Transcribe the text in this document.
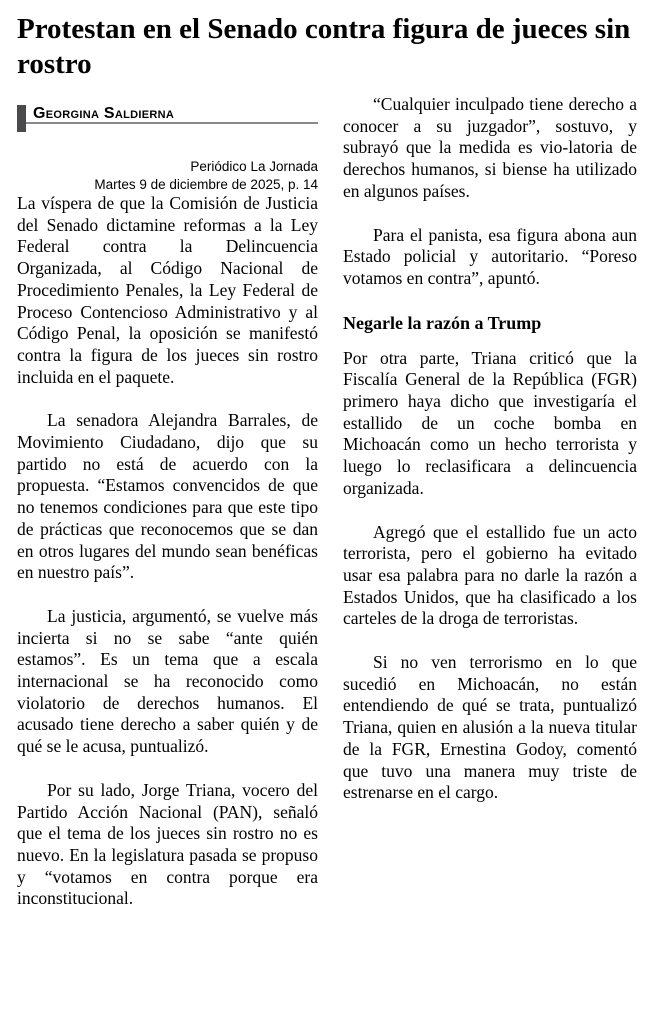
Protestan en el Senado contra figura de jueces sin rostro
Georgina Saldierna
Periódico La Jornada
Martes 9 de diciembre de 2025, p. 14

La víspera de que la Comisión de Justicia del Senado dictamine reformas a la Ley Federal contra la Delincuencia Organizada, al Código Nacional de Procedimiento Penales, la Ley Federal de Proceso Contencioso Administrativo y al Código Penal, la oposición se manifestó contra la figura de los jueces sin rostro incluida en el paquete.

La senadora Alejandra Barrales, de Movimiento Ciudadano, dijo que su partido no está de acuerdo con la propuesta. “Estamos convencidos de que no tenemos condiciones para que este tipo de prácticas que reconocemos que se dan en otros lugares del mundo sean benéficas en nuestro país”.

La justicia, argumentó, se vuelve más incierta si no se sabe “ante quién estamos”. Es un tema que a escala internacional se ha reconocido como violatorio de derechos humanos. El acusado tiene derecho a saber quién y de qué se le acusa, puntualizó.

Por su lado, Jorge Triana, vocero del Partido Acción Nacional (PAN), señaló que el tema de los jueces sin rostro no es nuevo. En la legislatura pasada se propuso y “votamos en contra porque era inconstitucional.

“Cualquier inculpado tiene derecho a conocer a su juzgador”, sostuvo, y subrayó que la medida es vio-latoria de derechos humanos, si biense ha utilizado en algunos países.

Para el panista, esa figura abona aun Estado policial y autoritario. “Poreso votamos en contra”, apuntó.

Negarle la razón a Trump

Por otra parte, Triana criticó que la Fiscalía General de la República (FGR) primero haya dicho que investigaría el estallido de un coche bomba en Michoacán como un hecho terrorista y luego lo reclasificara a delincuencia organizada.

Agregó que el estallido fue un acto terrorista, pero el gobierno ha evitado usar esa palabra para no darle la razón a Estados Unidos, que ha clasificado a los carteles de la droga de terroristas.

Si no ven terrorismo en lo que sucedió en Michoacán, no están entendiendo de qué se trata, puntualizó Triana, quien en alusión a la nueva titular de la FGR, Ernestina Godoy, comentó que tuvo una manera muy triste de estrenarse en el cargo.
